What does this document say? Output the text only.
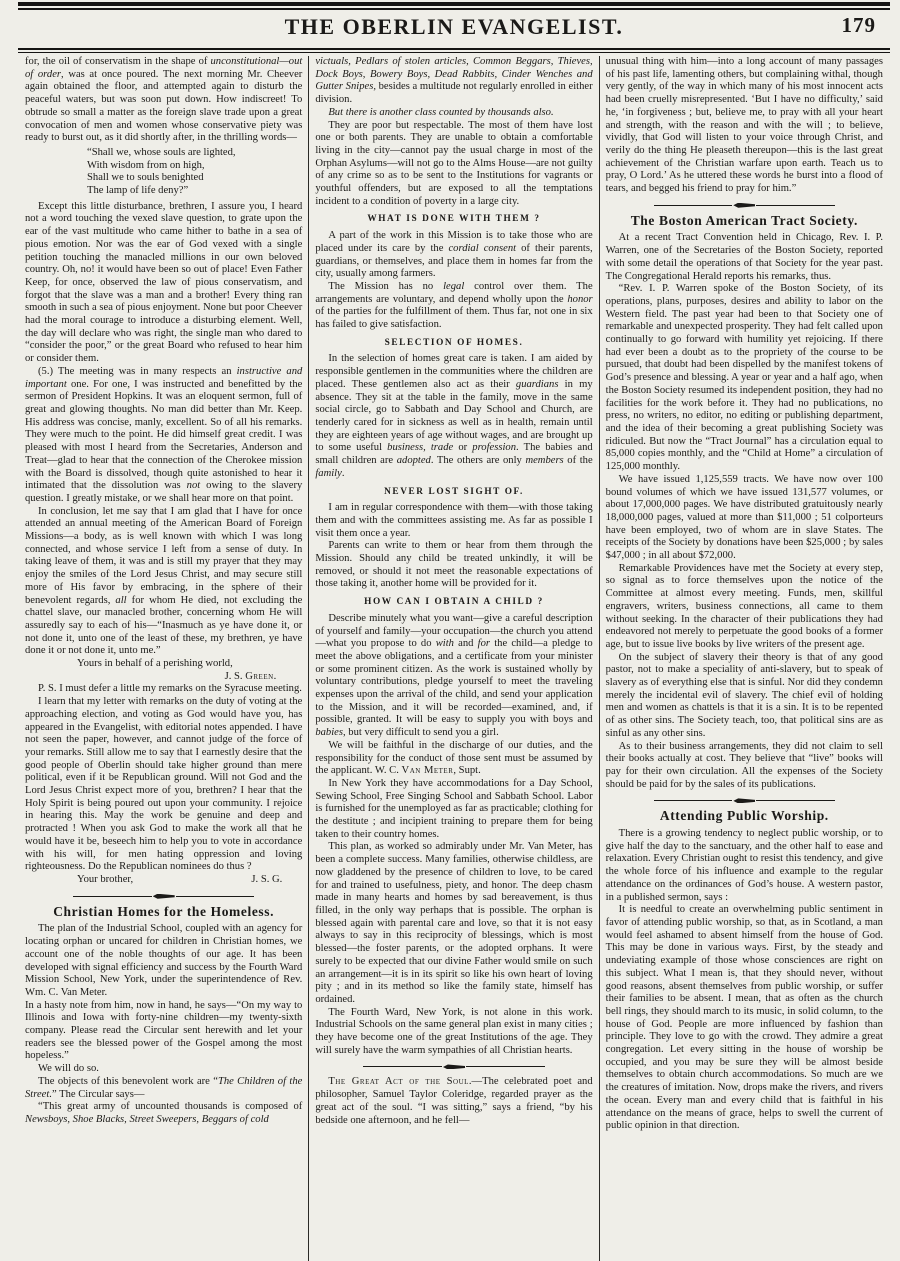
THE OBERLIN EVANGELIST.	179

for, the oil of conservatism in the shape of unconstitutional—out of order, was at once poured. The next morning Mr. Cheever again obtained the floor, and attempted again to disturb the peaceful waters, but was soon put down. How indiscreet! To obtrude so small a matter as the foreign slave trade upon a great convocation of men and women whose conservative piety was ready to burst out, as it did shortly after, in the thrilling words—

“Shall we, whose souls are lighted,
With wisdom from on high,
Shall we to souls benighted
The lamp of life deny?”

Except this little disturbance, brethren, I assure you, I heard not a word touching the vexed slave question, to grate upon the ear of the vast multitude who came hither to bathe in a sea of pious emotion. Nor was the ear of God vexed with a single petition touching the manacled millions in our own beloved country. Oh, no! it would have been so out of place! Even Father Keep, for once, observed the law of pious conservatism, and forgot that the slave was a man and a brother! Every thing ran smooth in such a sea of pious enjoyment. None but poor Cheever had the moral courage to introduce a disturbing element. Well, the day will declare who was right, the single man who dared to “consider the poor,” or the great Board who refused to hear him or consider them.

(5.) The meeting was in many respects an instructive and important one. For one, I was instructed and benefitted by the sermon of President Hopkins. It was an eloquent sermon, full of great and glowing thoughts. No man did better than Mr. Keep. His address was concise, manly, excellent. So of all his remarks. They were much to the point. He did himself great credit. I was pleased with most I heard from the Secretaries, Anderson and Treat—glad to hear that the connection of the Cherokee mission with the Board is dissolved, though quite astonished to hear it intimated that the dissolution was not owing to the slavery question. I greatly mistake, or we shall hear more on that point.

In conclusion, let me say that I am glad that I have for once attended an annual meeting of the American Board of Foreign Missions—a body, as is well known with which I was long connected, and whose service I left from a sense of duty. In taking leave of them, it was and is still my prayer that they may enjoy the smiles of the Lord Jesus Christ, and may secure still more of His favor by embracing, in the sphere of their benevolent regards, all for whom He died, not excluding the chattel slave, our manacled brother, concerning whom He will assuredly say to each of his—“Inasmuch as ye have done it, or not done it, unto one of the least of these, my brethren, ye have done it or not done it, unto me.”

Yours in behalf of a perishing world,
J. S. Green.

P. S. I must defer a little my remarks on the Syracuse meeting.

I learn that my letter with remarks on the duty of voting at the approaching election, and voting as God would have you, has appeared in the Evangelist, with editorial notes appended. I have not seen the paper, however, and cannot judge of the force of your remarks. Still allow me to say that I earnestly desire that the good people of Oberlin should take higher ground than mere political, even if it be Republican ground. Will not God and the Lord Jesus Christ expect more of you, brethren? I hear that the Holy Spirit is being poured out upon your community. I rejoice in hearing this. May the work be genuine and deep and protracted ! When you ask God to make the work all that he would have it be, beseech him to help you to vote in accordance with his will, for men hating oppression and loving righteousness. Do the Republican nominees do thus ?

Your brother,	J. S. G.
Christian Homes for the Homeless.

The plan of the Industrial School, coupled with an agency for locating orphan or uncared for children in Christian homes, we account one of the noble thoughts of our age. It has been developed with signal efficiency and success by the Fourth Ward Mission School, New York, under the superintendence of Rev. Wm. C. Van Meter.

In a hasty note from him, now in hand, he says—“On my way to Illinois and Iowa with forty-nine children—my twenty-sixth company. Please read the Circular sent herewith and let your readers see the blessed power of the Gospel among the most hopeless.”

We will do so.

The objects of this benevolent work are “The Children of the Street.” The Circular says—

“This great army of uncounted thousands is composed of Newsboys, Shoe Blacks, Street Sweepers, Beggars of cold

victuals, Pedlars of stolen articles, Common Beggars, Thieves, Dock Boys, Bowery Boys, Dead Rabbits, Cinder Wenches and Gutter Snipes, besides a multitude not regularly enrolled in either division.

But there is another class counted by thousands also.

They are poor but respectable. The most of them have lost one or both parents. They are unable to obtain a comfortable living in the city—cannot pay the usual charge in most of the Orphan Asylums—will not go to the Alms House—are not guilty of any crime so as to be sent to the Institutions for vagrants or youthful offenders, but are exposed to all the temptations incident to a condition of poverty in a large city.

WHAT IS DONE WITH THEM ?

A part of the work in this Mission is to take those who are placed under its care by the cordial consent of their parents, guardians, or themselves, and place them in homes far from the city, usually among farmers.

The Mission has no legal control over them. The arrangements are voluntary, and depend wholly upon the honor of the parties for the fulfillment of them. Thus far, not one in six has failed to give satisfaction.

SELECTION OF HOMES.

In the selection of homes great care is taken. I am aided by responsible gentlemen in the communities where the children are placed. These gentlemen also act as their guardians in my absence. They sit at the table in the family, move in the same social circle, go to Sabbath and Day School and Church, are tenderly cared for in sickness as well as in health, remain until they are eighteen years of age without wages, and are brought up to some useful business, trade or profession. The babies and small children are adopted. The others are only members of the family.

NEVER LOST SIGHT OF.

I am in regular correspondence with them—with those taking them and with the committees assisting me. As far as possible I visit them once a year.

Parents can write to them or hear from them through the Mission. Should any child be treated unkindly, it will be removed, or should it not meet the reasonable expectations of those taking it, another home will be provided for it.

HOW CAN I OBTAIN A CHILD ?

Describe minutely what you want—give a careful description of yourself and family—your occupation—the church you attend—what you propose to do with and for the child—a pledge to meet the above obligations, and a certificate from your minister or some prominent citizen. As the work is sustained wholly by voluntary contributions, pledge yourself to meet the traveling expenses upon the arrival of the child, and send your application to the Mission, and it will be recorded—examined, and, if possible, granted. It will be easy to supply you with boys and babies, but very difficult to send you a girl.

We will be faithful in the discharge of our duties, and the responsibility for the conduct of those sent must be assumed by the applicant. W. C. Van Meter, Supt.

In New York they have accommodations for a Day School, Sewing School, Free Singing School and Sabbath School. Labor is furnished for the unemployed as far as practicable; clothing for the destitute ; and incipient training to prepare them for being taken to their country homes.

This plan, as worked so admirably under Mr. Van Meter, has been a complete success. Many families, otherwise childless, are now gladdened by the presence of children to love, to be cared for and trained to usefulness, piety, and honor. The deep chasm made in many hearts and homes by sad bereavement, is thus filled, in the only way perhaps that is possible. The orphan is blessed again with parental care and love, so that it is not easy always to say in this reciprocity of blessings, which is most blessed—the foster parents, or the adopted orphans. It were surely to be expected that our divine Father would smile on such an arrangement—it is in its spirit so like his own heart of loving pity ; and in its method so like the family state, himself has ordained.

The Fourth Ward, New York, is not alone in this work. Industrial Schools on the same general plan exist in many cities ; they have become one of the great Institutions of the age. They will surely have the warm sympathies of all Christian hearts.

The Great Act of the Soul.—The celebrated poet and philosopher, Samuel Taylor Coleridge, regarded prayer as the great act of the soul. “I was sitting,” says a friend, “by his bedside one afternoon, and he fell—

unusual thing with him—into a long account of many passages of his past life, lamenting others, but complaining withal, though very gently, of the way in which many of his most innocent acts had been cruelly misrepresented. ‘But I have no difficulty,’ said he, ‘in forgiveness ; but, believe me, to pray with all your heart and strength, with the reason and with the will ; to believe, vividly, that God will listen to your voice through Christ, and verily do the thing He pleaseth thereupon—this is the last great achievement of the Christian warfare upon earth. Teach us to pray, O Lord.’ As he uttered these words he burst into a flood of tears, and begged his friend to pray for him.”

The Boston American Tract Society.

At a recent Tract Convention held in Chicago, Rev. I. P. Warren, one of the Secretaries of the Boston Society, reported with some detail the operations of that Society for the year past. The Congregational Herald reports his remarks, thus.

“Rev. I. P. Warren spoke of the Boston Society, of its operations, plans, purposes, desires and ability to labor on the Western field. The past year had been to that Society one of remarkable and unexpected prosperity. They had felt called upon continually to go forward with humility yet rejoicing. If there had ever been a doubt as to the propriety of the course to be pursued, that doubt had been dispelled by the manifest tokens of God’s presence and blessing. A year or year and a half ago, when the Boston Society resumed its independent position, they had no facilities for the work before it. They had no publications, no press, no writers, no editor, no editing or publishing department, and the idea of their becoming a great publishing Society was ridiculed. But now the “Tract Journal” has a circulation equal to 85,000 copies monthly, and the “Child at Home” a circulation of 125,000 monthly.

We have issued 1,125,559 tracts. We have now over 100 bound volumes of which we have issued 131,577 volumes, or about 17,000,000 pages. We have distributed gratuitously nearly 18,000,000 pages, valued at more than $11,000 ; 51 colporteurs have been employed, two of whom are in slave States. The receipts of the Society by donations have been $25,000 ; by sales $47,000 ; in all about $72,000.

Remarkable Providences have met the Society at every step, so signal as to force themselves upon the notice of the Committee at almost every meeting. Funds, men, skillful engravers, writers, business connections, all came to them without seeking. In the character of their publications they had endeavored not merely to perpetuate the good books of a former age, but to issue live books by live writers of the present age.

On the subject of slavery their theory is that of any good pastor, not to make a speciality of anti-slavery, but to speak of slavery as of everything else that is sinful. Nor did they condemn merely the incidental evil of slavery. The chief evil of holding men and women as chattels is that it is a sin. It is to be repented of as other sins. The Society teach, too, that political sins are as sinful as any other sins.

As to their business arrangements, they did not claim to sell their books actually at cost. They believe that “live” books will pay for their own circulation. All the expenses of the Society should be paid for by the sales of its publications.

Attending Public Worship.

There is a growing tendency to neglect public worship, or to give half the day to the sanctuary, and the other half to ease and relaxation. Every Christian ought to resist this tendency, and give the whole force of his influence and example to the regular attendance on the ordinances of God’s house. A western pastor, in a published sermon, says :

It is needful to create an overwhelming public sentiment in favor of attending public worship, so that, as in Scotland, a man would feel ashamed to absent himself from the house of God. This may be done in various ways. First, by the steady and undeviating example of those whose consciences are right on this subject. What I mean is, that they should never, without good reasons, absent themselves from public worship, or suffer their families to be absent. I mean, that as often as the church bell rings, they should march to its music, in solid column, to the house of God. People are more influenced by fashion than principle. They love to go with the crowd. They admire a great congregation. Let every sitting in the house of worship be occupied, and you may be sure they will be almost beside themselves to obtain church accommodations. So much are we the creatures of imitation. Now, drops make the rivers, and rivers the ocean. Every man and every child that is faithful in his attendance on the means of grace, helps to swell the current of public opinion in that direction.
